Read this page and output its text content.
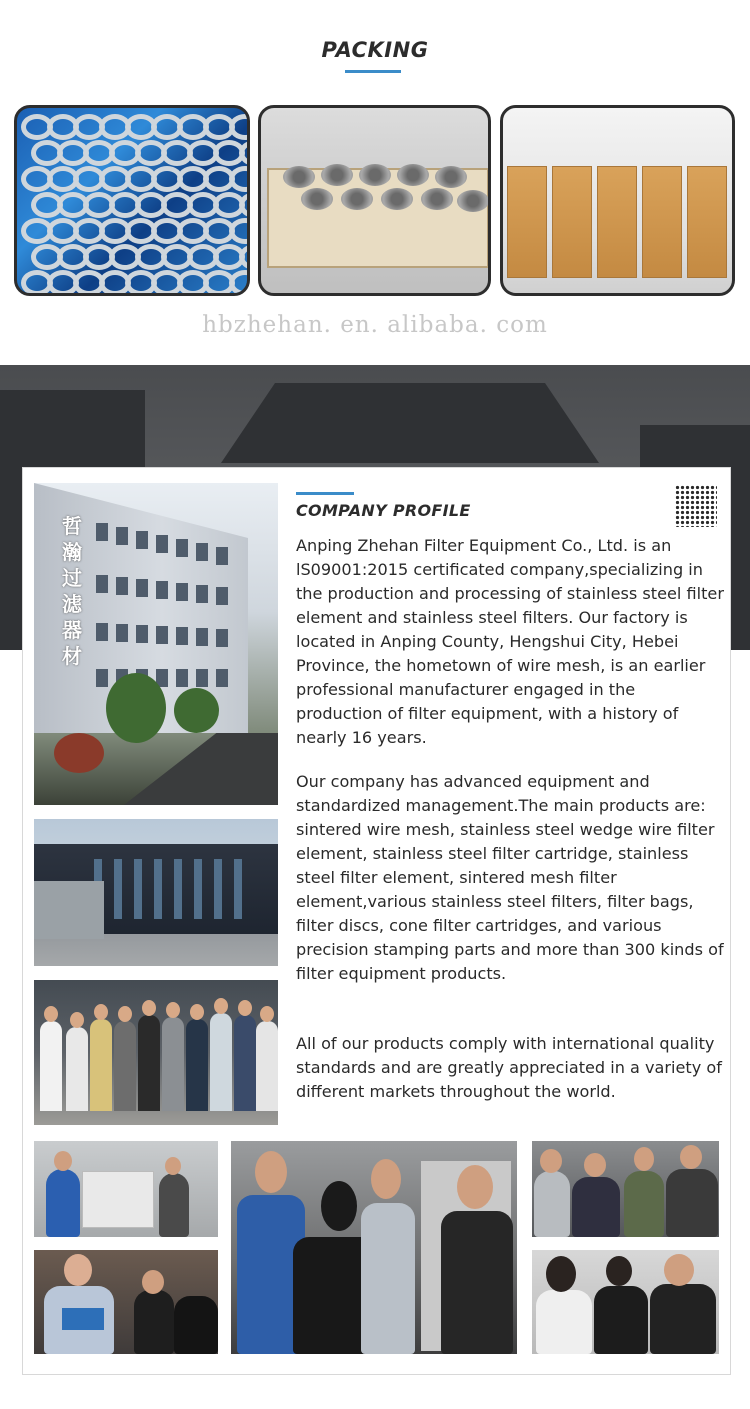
PACKING
hbzhehan. en. alibaba. com
哲瀚过滤器材
COMPANY PROFILE

Anping Zhehan Filter Equipment Co., Ltd. is an lS09001:2015 certificated company,specializing in the production and processing of stainless steel filter element and stainless steel filters. Our factory is located in Anping County, Hengshui City, Hebei Province, the hometown of wire mesh, is an earlier professional manufacturer engaged in the production of filter equipment, with a history of nearly 16 years.

Our company has advanced equipment and standardized management.The main products are: sintered wire mesh, stainless steel wedge wire filter element, stainless steel filter cartridge, stainless steel filter element, sintered mesh filter element,various stainless steel filters, filter bags, filter discs, cone filter cartridges, and various precision stamping parts and more than 300 kinds of filter equipment products.

All of our products comply with international quality standards and are greatly appreciated in a variety of different markets throughout the world.
